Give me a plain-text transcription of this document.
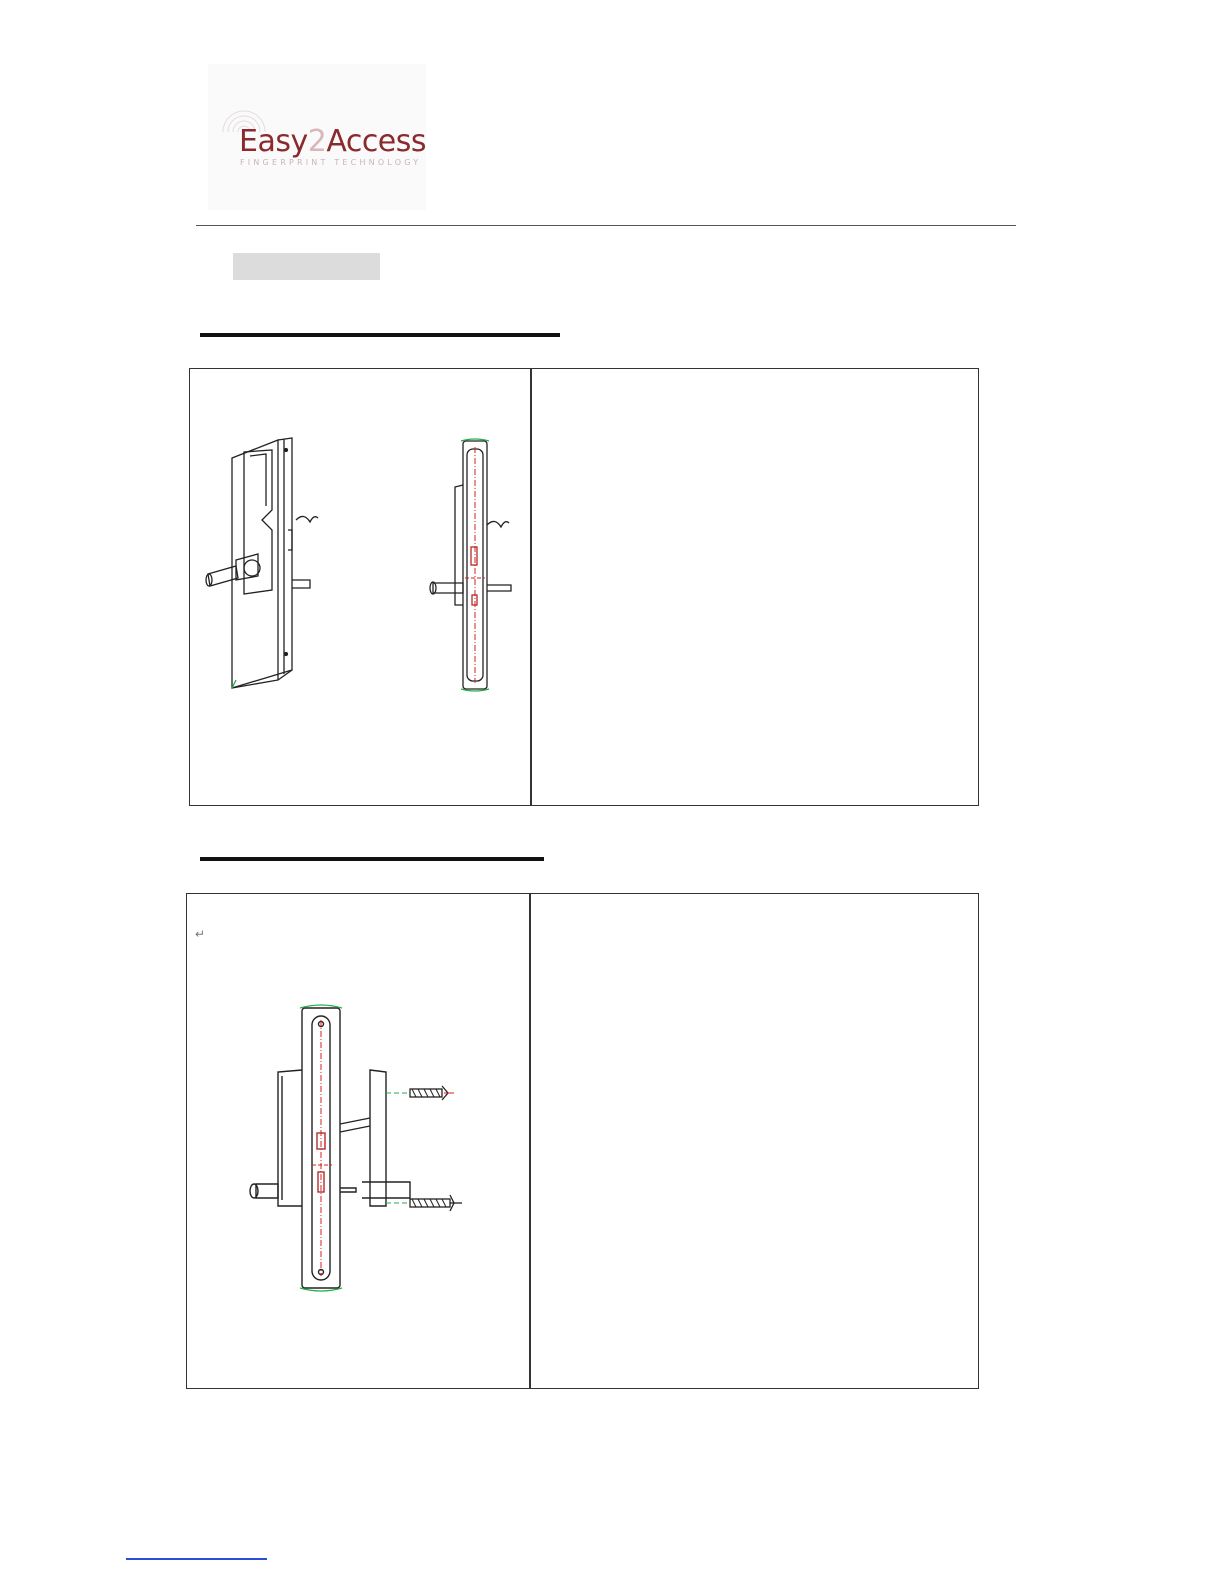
Easy2Access
FINGERPRINT TECHNOLOGY
↵
